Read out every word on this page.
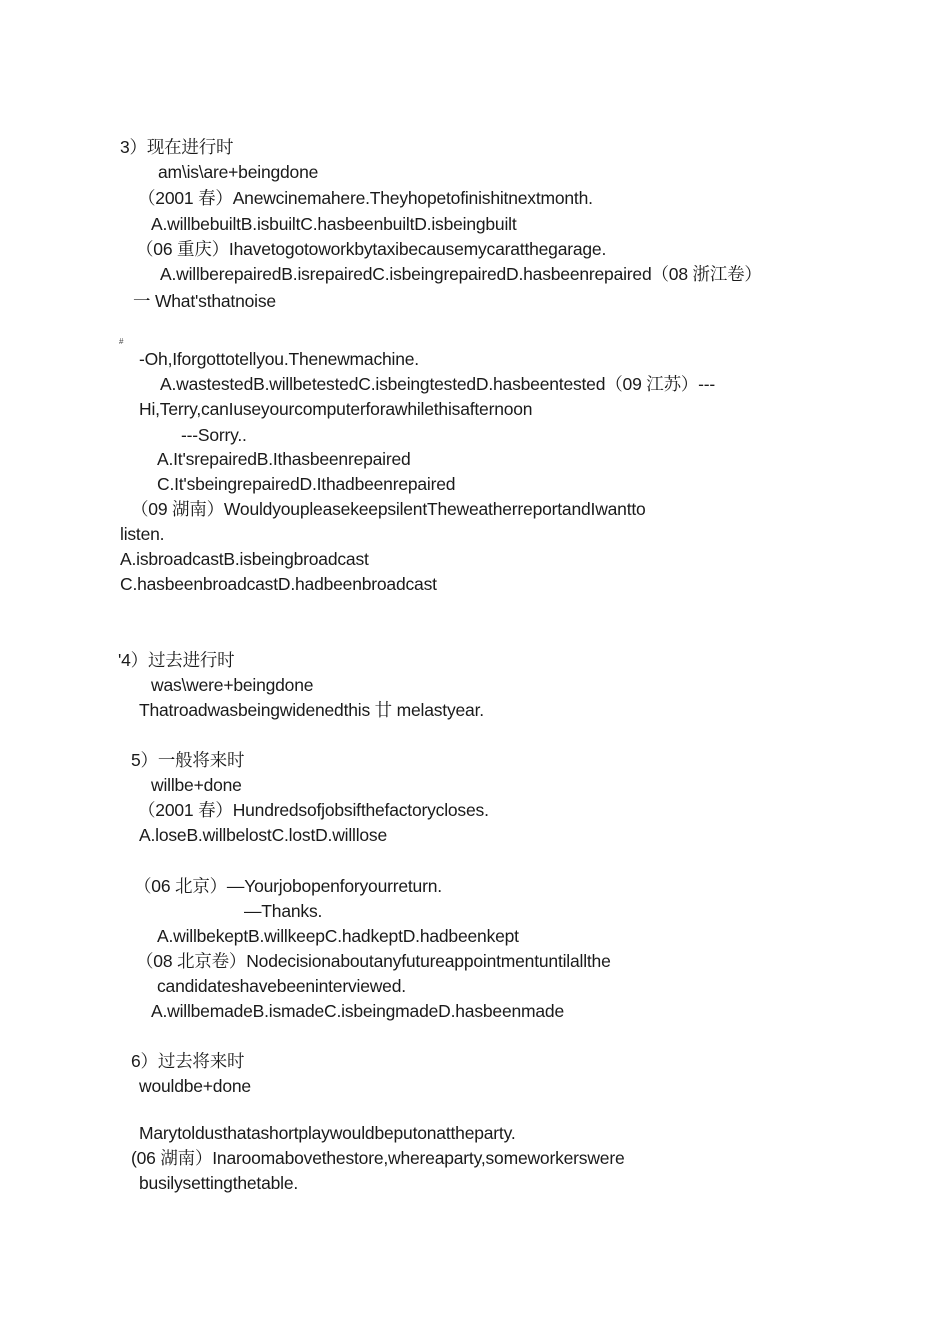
3）现在进行时
am\is\are+beingdone
（2001 春）Anewcinemahere.Theyhopetofinishitnextmonth.
A.willbebuiltB.isbuiltC.hasbeenbuiltD.isbeingbuilt
（06 重庆）Ihavetogotoworkbytaxibecausemycaratthegarage.
A.willberepairedB.isrepairedC.isbeingrepairedD.hasbeenrepaired（08 浙江卷）
一 What'sthatnoise
#
-Oh,Iforgottotellyou.Thenewmachine.
A.wastestedB.willbetestedC.isbeingtestedD.hasbeentested（09 江苏）---
Hi,Terry,canIuseyourcomputerforawhilethisafternoon
---Sorry..
A.It'srepairedB.Ithasbeenrepaired
C.It'sbeingrepairedD.Ithadbeenrepaired
（09 湖南）WouldyoupleasekeepsilentTheweatherreportandIwantto
listen.
A.isbroadcastB.isbeingbroadcast
C.hasbeenbroadcastD.hadbeenbroadcast
'4）过去进行时
was\were+beingdone
Thatroadwasbeingwidenedthis 廿 melastyear.
5）一般将来时
willbe+done
（2001 春）Hundredsofjobsifthefactorycloses.
A.loseB.willbelostC.lostD.willlose
（06 北京）—Yourjobopenforyourreturn.
—Thanks.
A.willbekeptB.willkeepC.hadkeptD.hadbeenkept
（08 北京卷）Nodecisionaboutanyfutureappointmentuntilallthe
candidateshavebeeninterviewed.
A.willbemadeB.ismadeC.isbeingmadeD.hasbeenmade
6）过去将来时
wouldbe+done
Marytoldusthatashortplaywouldbeputonattheparty.
(06 湖南）Inaroomabovethestore,whereaparty,someworkerswere
busilysettingthetable.
